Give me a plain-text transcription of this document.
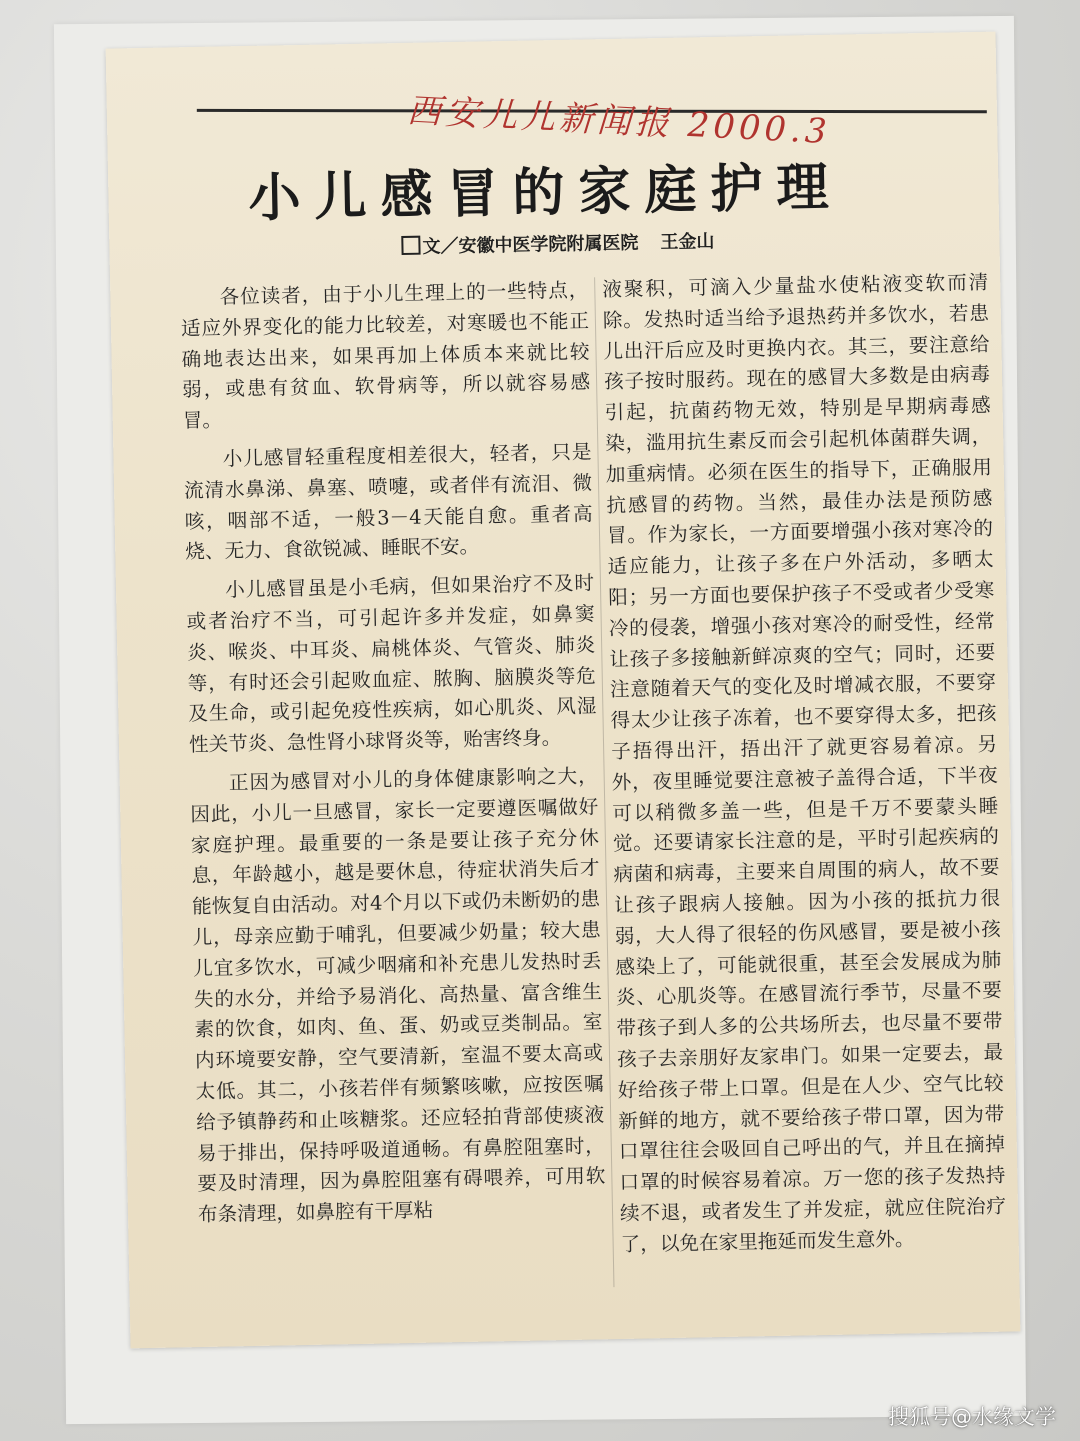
西安儿儿新闻报 2000.3
小儿感冒的家庭护理
文／安徽中医学院附属医院 王金山

各位读者，由于小儿生理上的一些特点，适应外界变化的能力比较差，对寒暖也不能正确地表达出来，如果再加上体质本来就比较弱，或患有贫血、软骨病等，所以就容易感冒。

小儿感冒轻重程度相差很大，轻者，只是流清水鼻涕、鼻塞、喷嚏，或者伴有流泪、微咳，咽部不适，一般3－4天能自愈。重者高烧、无力、食欲锐减、睡眠不安。

小儿感冒虽是小毛病，但如果治疗不及时或者治疗不当，可引起许多并发症，如鼻窦炎、喉炎、中耳炎、扁桃体炎、气管炎、肺炎等，有时还会引起败血症、脓胸、脑膜炎等危及生命，或引起免疫性疾病，如心肌炎、风湿性关节炎、急性肾小球肾炎等，贻害终身。

正因为感冒对小儿的身体健康影响之大，因此，小儿一旦感冒，家长一定要遵医嘱做好家庭护理。最重要的一条是要让孩子充分休息，年龄越小，越是要休息，待症状消失后才能恢复自由活动。对4个月以下或仍未断奶的患儿，母亲应勤于哺乳，但要减少奶量；较大患儿宜多饮水，可减少咽痛和补充患儿发热时丢失的水分，并给予易消化、高热量、富含维生素的饮食，如肉、鱼、蛋、奶或豆类制品。室内环境要安静，空气要清新，室温不要太高或太低。其二，小孩若伴有频繁咳嗽，应按医嘱给予镇静药和止咳糖浆。还应轻拍背部使痰液易于排出，保持呼吸道通畅。有鼻腔阻塞时，要及时清理，因为鼻腔阻塞有碍喂养，可用软布条清理，如鼻腔有干厚粘

液聚积，可滴入少量盐水使粘液变软而清除。发热时适当给予退热药并多饮水，若患儿出汗后应及时更换内衣。其三，要注意给孩子按时服药。现在的感冒大多数是由病毒引起，抗菌药物无效，特别是早期病毒感染，滥用抗生素反而会引起机体菌群失调，加重病情。必须在医生的指导下，正确服用抗感冒的药物。当然，最佳办法是预防感冒。作为家长，一方面要增强小孩对寒冷的适应能力，让孩子多在户外活动，多晒太阳；另一方面也要保护孩子不受或者少受寒冷的侵袭，增强小孩对寒冷的耐受性，经常让孩子多接触新鲜凉爽的空气；同时，还要注意随着天气的变化及时增减衣服，不要穿得太少让孩子冻着，也不要穿得太多，把孩子捂得出汗，捂出汗了就更容易着凉。另外，夜里睡觉要注意被子盖得合适，下半夜可以稍微多盖一些，但是千万不要蒙头睡觉。还要请家长注意的是，平时引起疾病的病菌和病毒，主要来自周围的病人，故不要让孩子跟病人接触。因为小孩的抵抗力很弱，大人得了很轻的伤风感冒，要是被小孩感染上了，可能就很重，甚至会发展成为肺炎、心肌炎等。在感冒流行季节，尽量不要带孩子到人多的公共场所去，也尽量不要带孩子去亲朋好友家串门。如果一定要去，最好给孩子带上口罩。但是在人少、空气比较新鲜的地方，就不要给孩子带口罩，因为带口罩往往会吸回自己呼出的气，并且在摘掉口罩的时候容易着凉。万一您的孩子发热持续不退，或者发生了并发症，就应住院治疗了，以免在家里拖延而发生意外。

搜狐号@水缘文学
